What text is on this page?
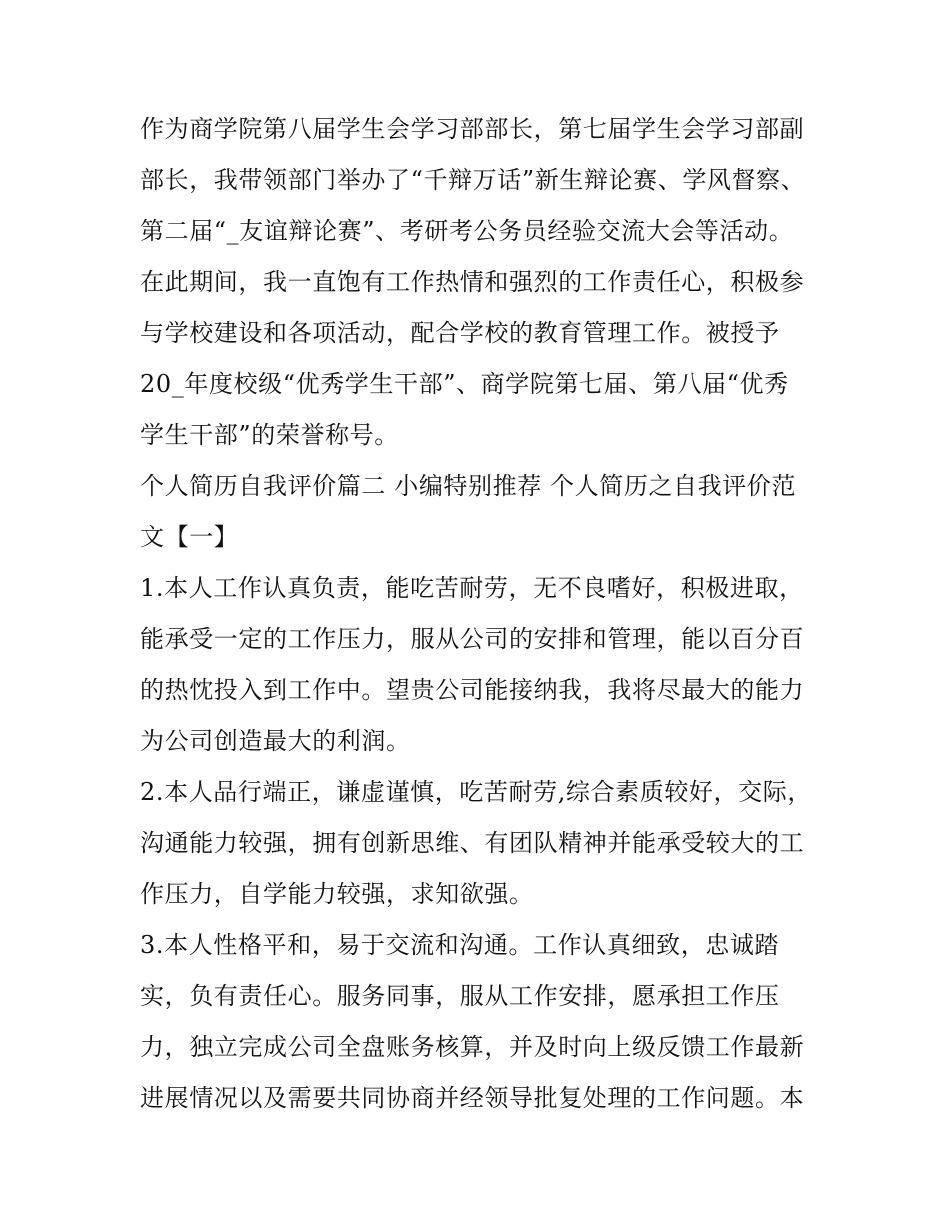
作为商学院第八届学生会学习部部长，第七届学生会学习部副
部长，我带领部门举办了“千辩万话”新生辩论赛、学风督察、
第二届“_友谊辩论赛”、考研考公务员经验交流大会等活动。
在此期间，我一直饱有工作热情和强烈的工作责任心，积极参
与学校建设和各项活动，配合学校的教育管理工作。被授予
20_年度校级“优秀学生干部”、商学院第七届、第八届“优秀
学生干部”的荣誉称号。
个人简历自我评价篇二 小编特别推荐 个人简历之自我评价范
文【一】
1.本人工作认真负责，能吃苦耐劳，无不良嗜好，积极进取，
能承受一定的工作压力，服从公司的安排和管理，能以百分百
的热忱投入到工作中。望贵公司能接纳我，我将尽最大的能力
为公司创造最大的利润。
2.本人品行端正，谦虚谨慎，吃苦耐劳,综合素质较好，交际，
沟通能力较强，拥有创新思维、有团队精神并能承受较大的工
作压力，自学能力较强，求知欲强。
3.本人性格平和，易于交流和沟通。工作认真细致，忠诚踏
实，负有责任心。服务同事，服从工作安排，愿承担工作压
力，独立完成公司全盘账务核算，并及时向上级反馈工作最新
进展情况以及需要共同协商并经领导批复处理的工作问题。本
